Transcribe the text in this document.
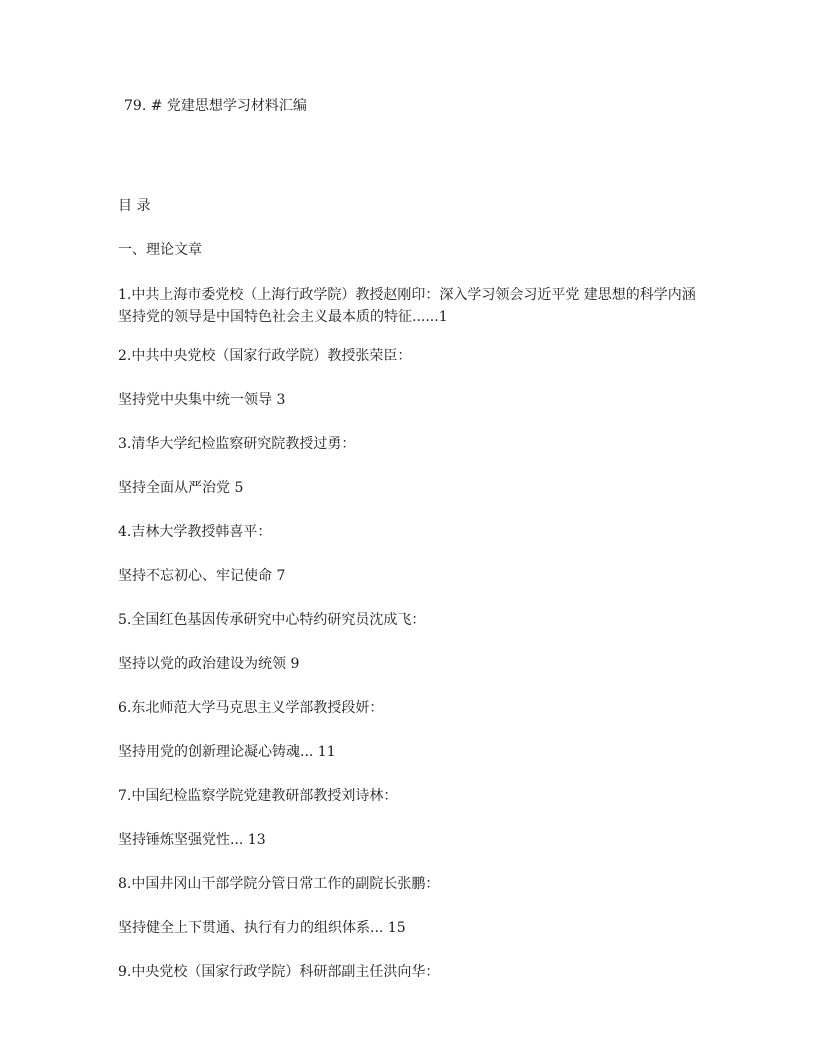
79. # 党建思想学习材料汇编

目 录

一、理论文章

1.中共上海市委党校（上海行政学院）教授赵刚印：深入学习领会习近平党 建思想的科学内涵 坚持党的领导是中国特色社会主义最本质的特征......1

2.中共中央党校（国家行政学院）教授张荣臣：

坚持党中央集中统一领导 3

3.清华大学纪检监察研究院教授过勇：

坚持全面从严治党 5

4.吉林大学教授韩喜平：

坚持不忘初心、牢记使命 7

5.全国红色基因传承研究中心特约研究员沈成飞：

坚持以党的政治建设为统领 9

6.东北师范大学马克思主义学部教授段妍：

坚持用党的创新理论凝心铸魂... 11

7.中国纪检监察学院党建教研部教授刘诗林：

坚持锤炼坚强党性... 13

8.中国井冈山干部学院分管日常工作的副院长张鹏：

坚持健全上下贯通、执行有力的组织体系... 15

9.中央党校（国家行政学院）科研部副主任洪向华：
